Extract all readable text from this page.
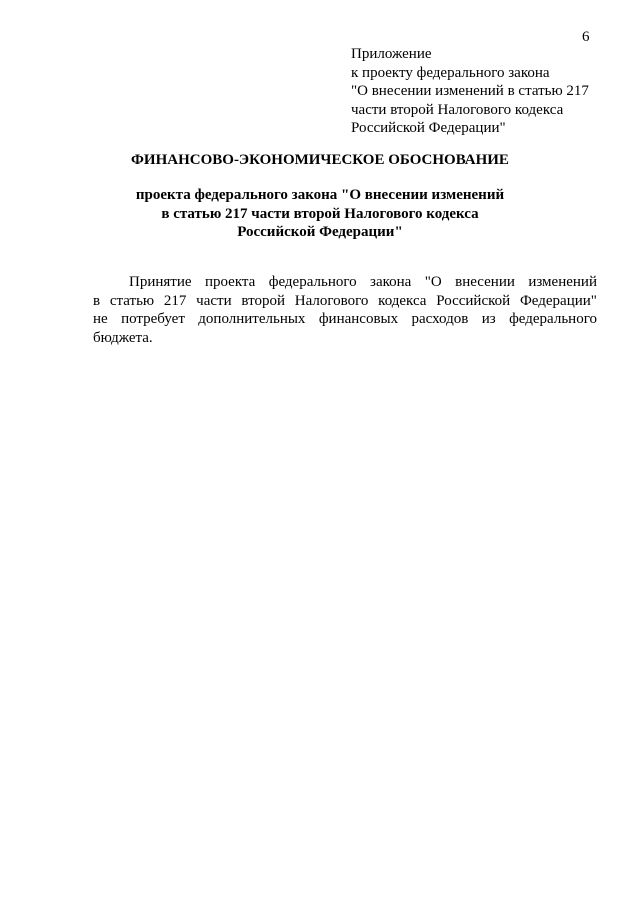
6
Приложение
к проекту федерального закона
"О внесении изменений в статью 217
части второй Налогового кодекса
Российской Федерации"
ФИНАНСОВО-ЭКОНОМИЧЕСКОЕ ОБОСНОВАНИЕ
проекта федерального закона "О внесении изменений
в статью 217 части второй Налогового кодекса
Российской Федерации"
Принятие проекта федерального закона "О внесении изменений
в статью 217 части второй Налогового кодекса Российской Федерации"
не потребует дополнительных финансовых расходов из федерального
бюджета.
